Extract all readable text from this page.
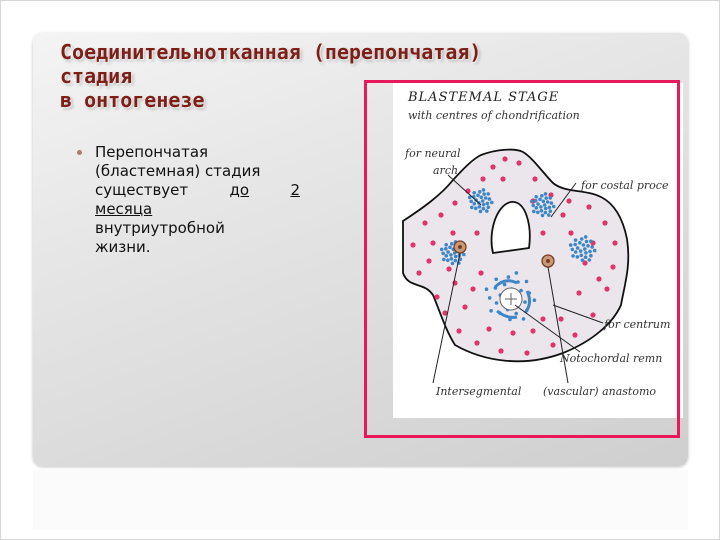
Соединительнотканная (перепончатая)
стадия
в онтогенезе
Перепончатая
(бластемная) стадия
существует	до	2
месяца
внутриутробной
жизни.
BLASTEMAL STAGE
with centres of chondrification
for neural
arch
for costal proce
for centrum
Notochordal remn
Intersegmental (vascular) anastomo
